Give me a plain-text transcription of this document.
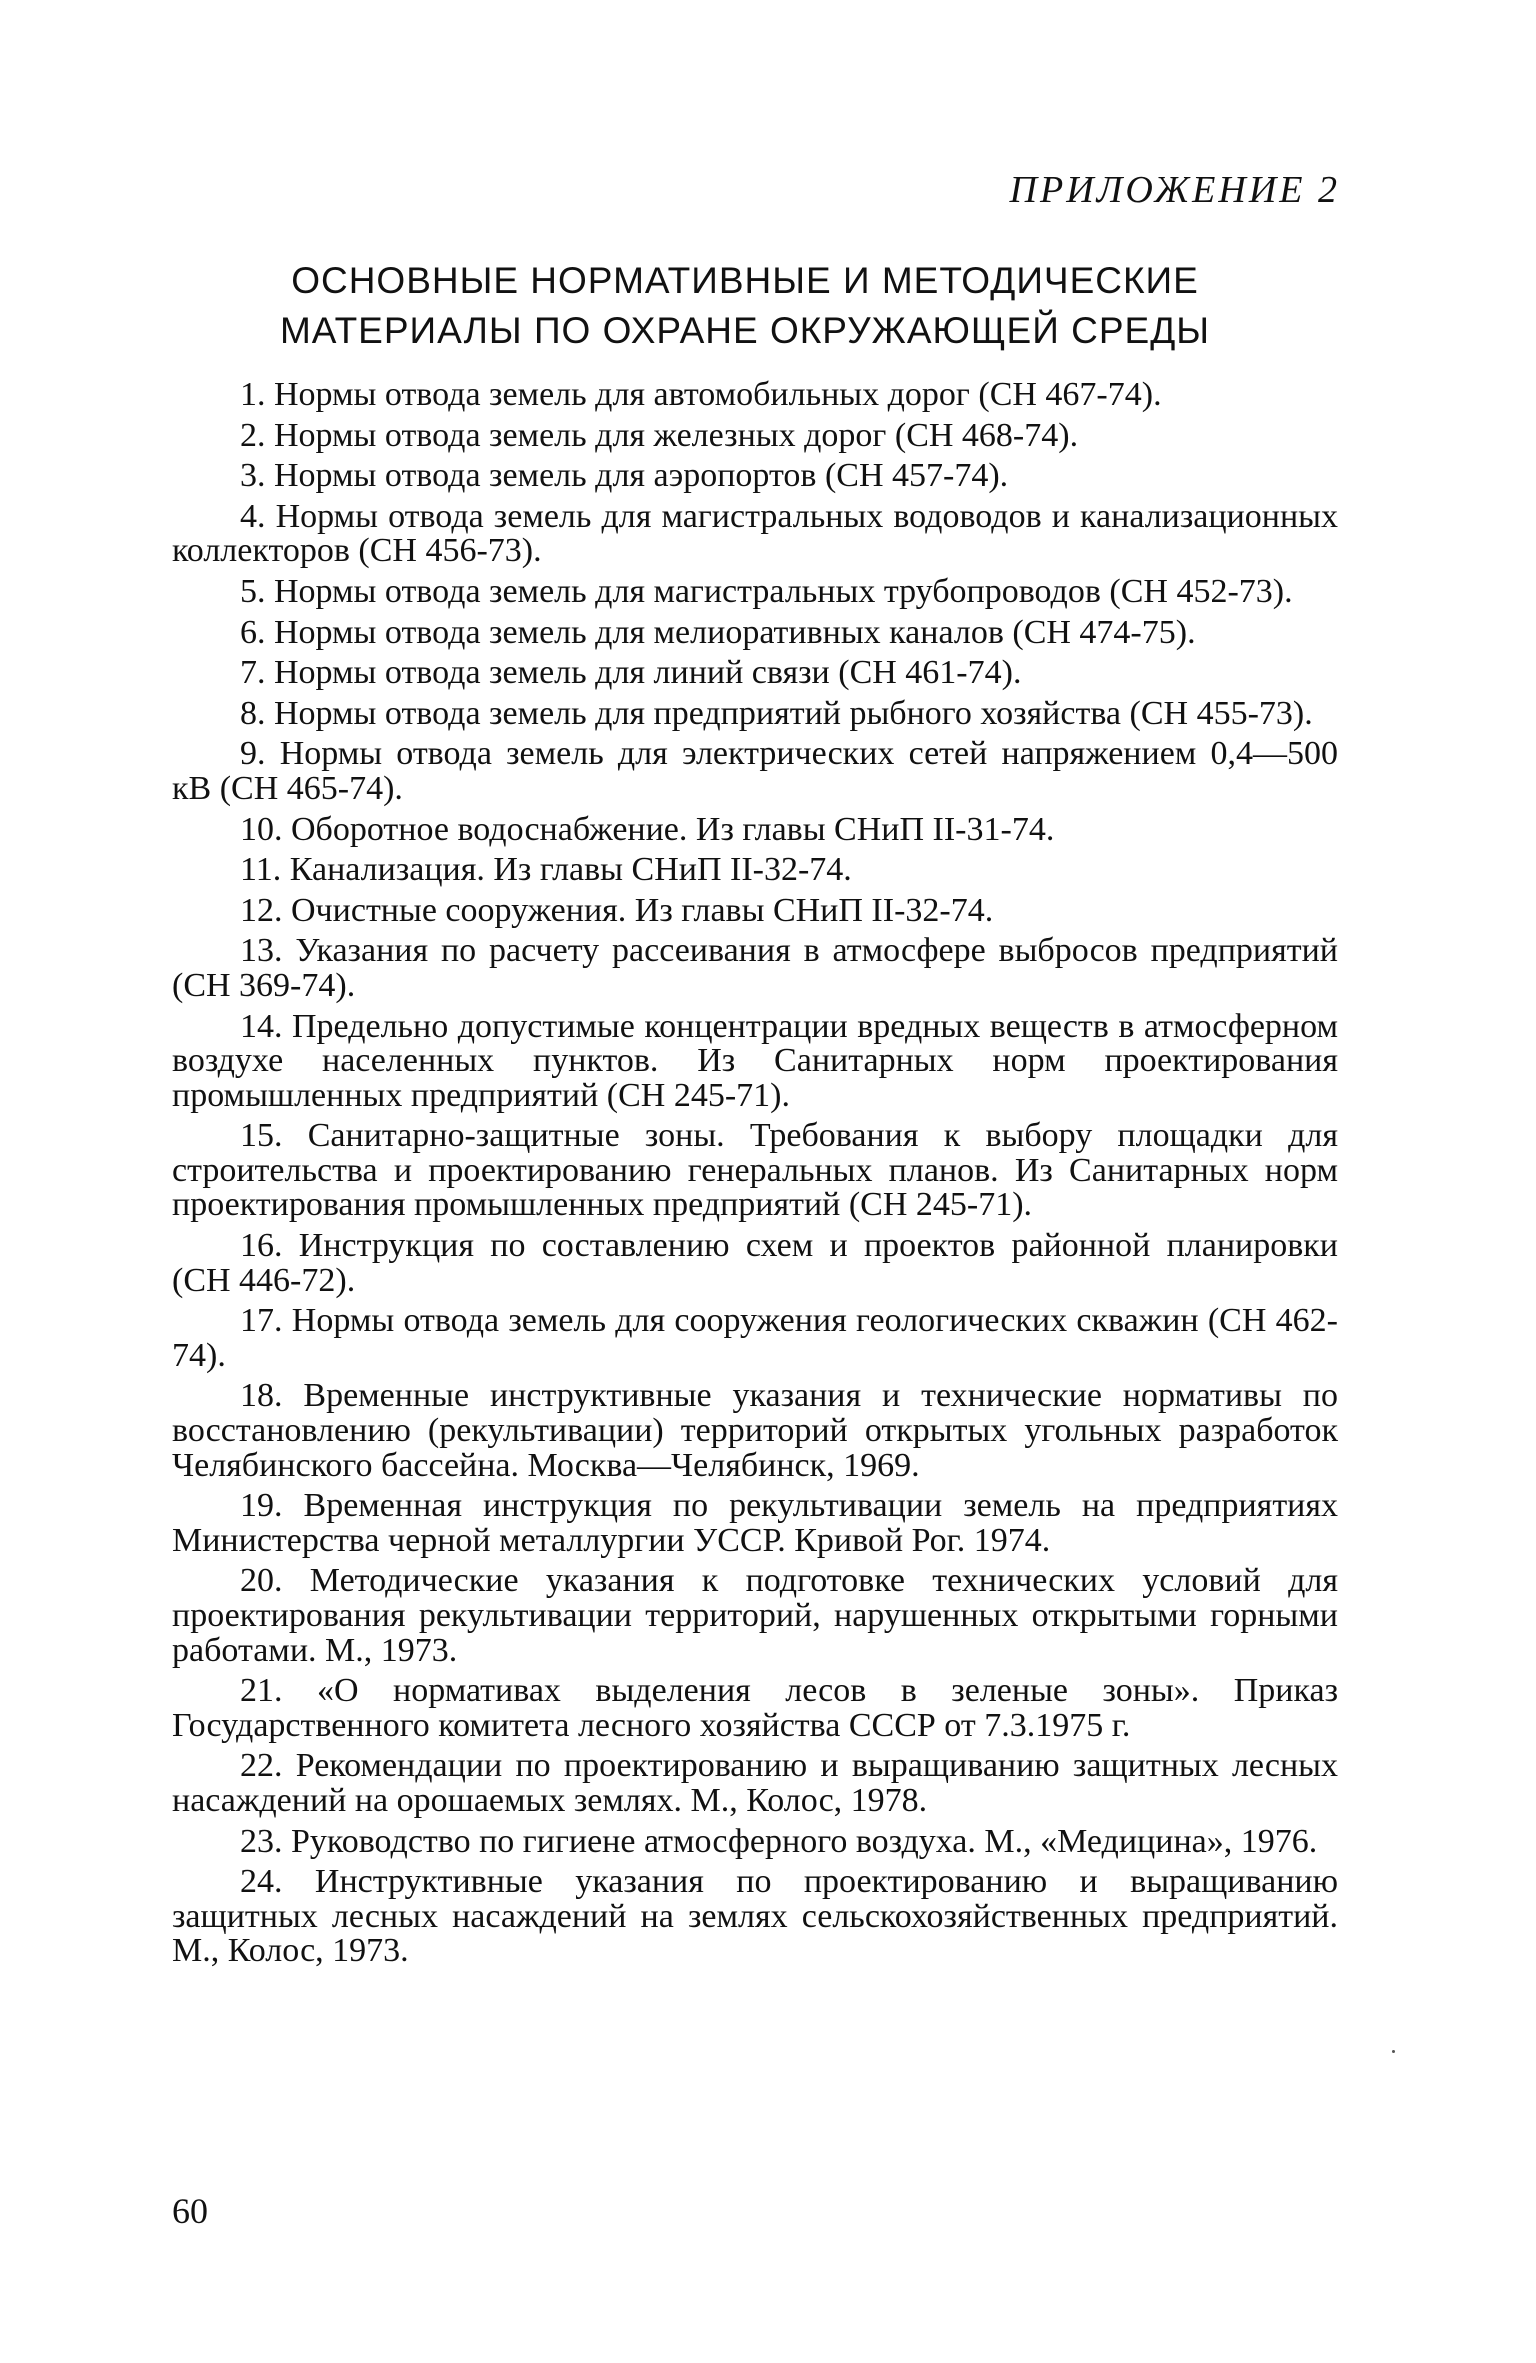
ПРИЛОЖЕНИЕ 2
ОСНОВНЫЕ НОРМАТИВНЫЕ И МЕТОДИЧЕСКИЕ
МАТЕРИАЛЫ ПО ОХРАНЕ ОКРУЖАЮЩЕЙ СРЕДЫ
1. Нормы отвода земель для автомобильных дорог (СН 467-74).
2. Нормы отвода земель для железных дорог (СН 468-74).
3. Нормы отвода земель для аэропортов (СН 457-74).
4. Нормы отвода земель для магистральных водоводов и канализационных коллекторов (СН 456-73).
5. Нормы отвода земель для магистральных трубопроводов (СН 452-73).
6. Нормы отвода земель для мелиоративных каналов (СН 474-75).
7. Нормы отвода земель для линий связи (СН 461-74).
8. Нормы отвода земель для предприятий рыбного хозяйства (СН 455-73).
9. Нормы отвода земель для электрических сетей напряжением 0,4—500 кВ (СН 465-74).
10. Оборотное водоснабжение. Из главы СНиП II-31-74.
11. Канализация. Из главы СНиП II-32-74.
12. Очистные сооружения. Из главы СНиП II-32-74.
13. Указания по расчету рассеивания в атмосфере выбросов предприятий (СН 369-74).
14. Предельно допустимые концентрации вредных веществ в атмосферном воздухе населенных пунктов. Из Санитарных норм проектирования промышленных предприятий (СН 245-71).
15. Санитарно-защитные зоны. Требования к выбору площадки для строительства и проектированию генеральных планов. Из Санитарных норм проектирования промышленных предприятий (СН 245-71).
16. Инструкция по составлению схем и проектов районной планировки (СН 446-72).
17. Нормы отвода земель для сооружения геологических скважин (СН 462-74).
18. Временные инструктивные указания и технические нормативы по восстановлению (рекультивации) территорий открытых угольных разработок Челябинского бассейна. Москва—Челябинск, 1969.
19. Временная инструкция по рекультивации земель на предприятиях Министерства черной металлургии УССР. Кривой Рог. 1974.
20. Методические указания к подготовке технических условий для проектирования рекультивации территорий, нарушенных открытыми горными работами. М., 1973.
21. «О нормативах выделения лесов в зеленые зоны». Приказ Государственного комитета лесного хозяйства СССР от 7.3.1975 г.
22. Рекомендации по проектированию и выращиванию защитных лесных насаждений на орошаемых землях. М., Колос, 1978.
23. Руководство по гигиене атмосферного воздуха. М., «Медицина», 1976.
24. Инструктивные указания по проектированию и выращиванию защитных лесных насаждений на землях сельскохозяйственных предприятий. М., Колос, 1973.
60
